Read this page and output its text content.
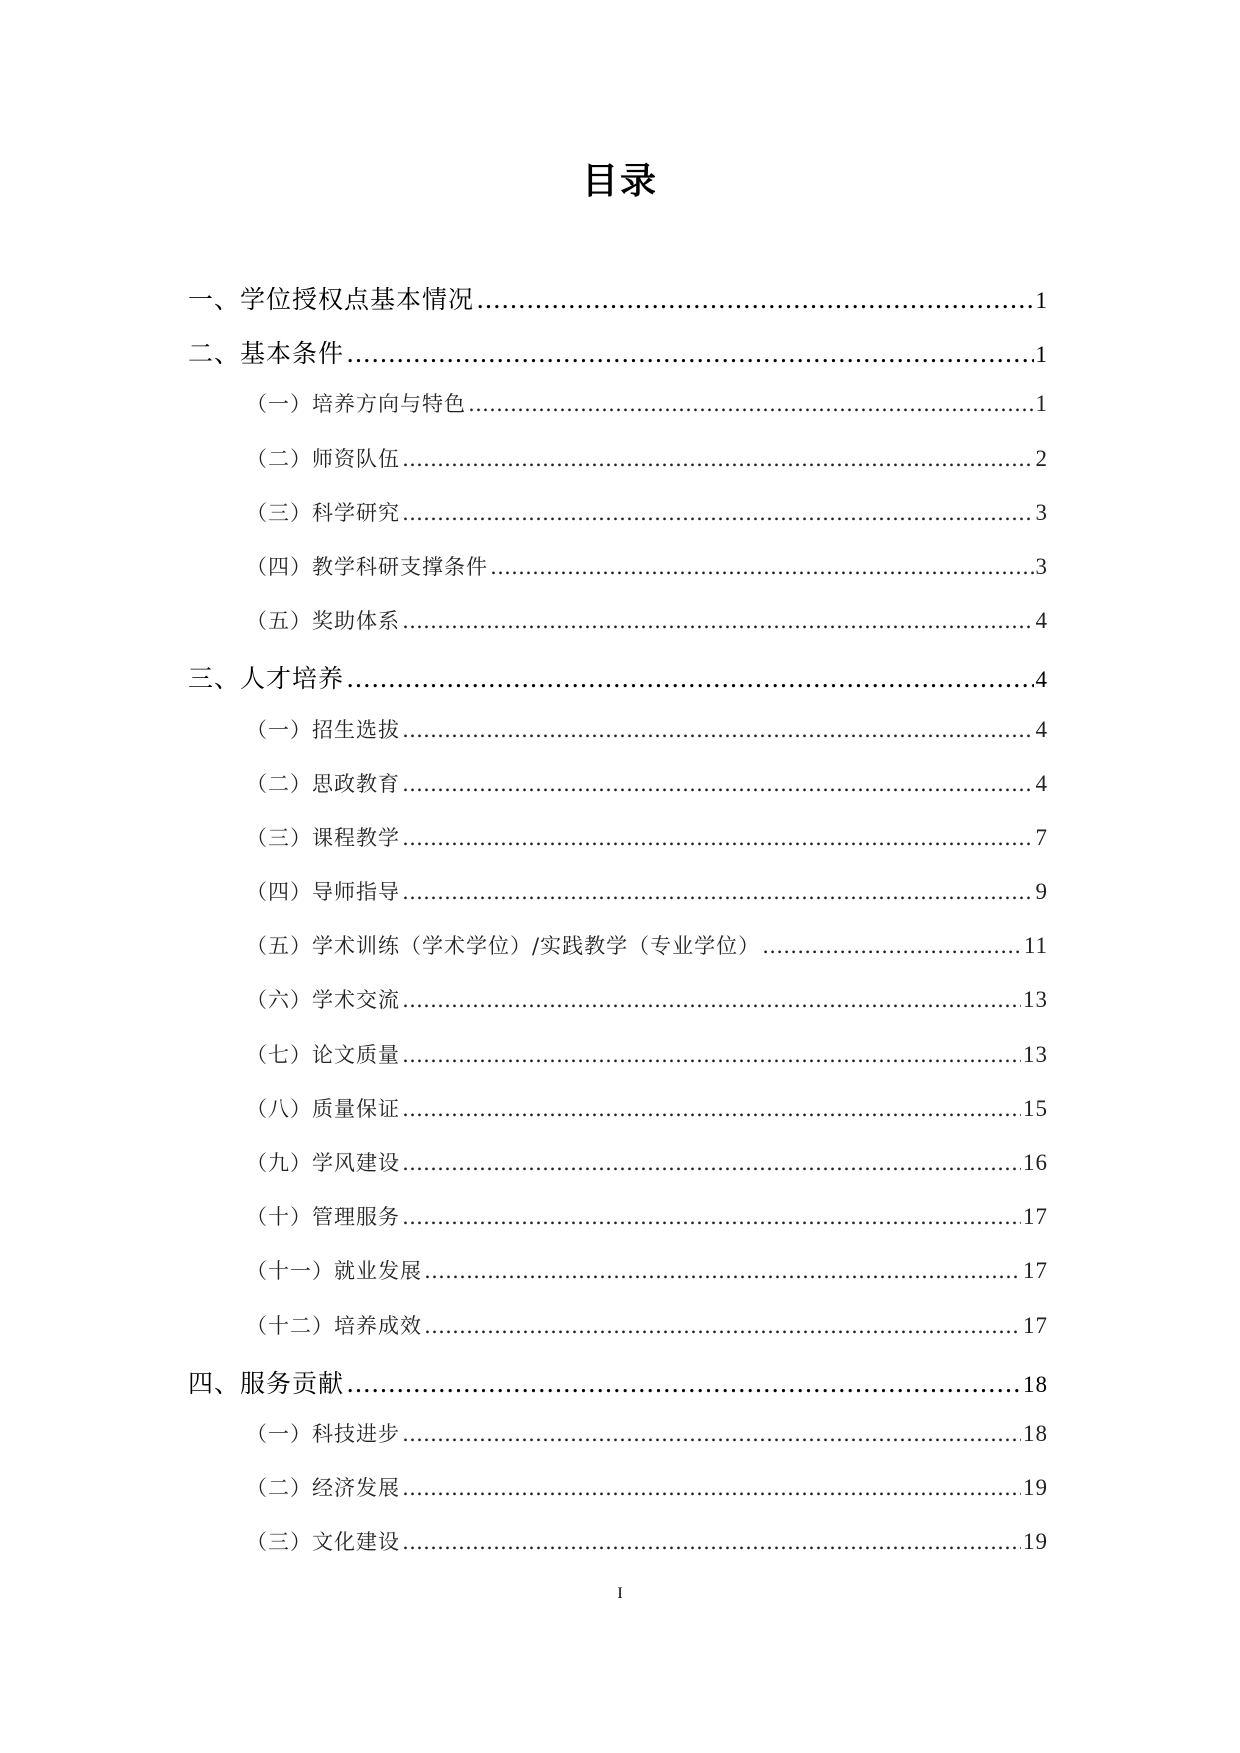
目录
一、学位授权点基本情况 ……………………………………………………………………………………………………………………………	1
二、基本条件 ……………………………………………………………………………………………………………………………	1
（一）培养方向与特色 ……………………………………………………………………………………………………………………………	1
（二）师资队伍 ……………………………………………………………………………………………………………………………	2
（三）科学研究 ……………………………………………………………………………………………………………………………	3
（四）教学科研支撑条件 ……………………………………………………………………………………………………………………………	3
（五）奖助体系 ……………………………………………………………………………………………………………………………	4
三、人才培养 ……………………………………………………………………………………………………………………………	4
（一）招生选拔 ……………………………………………………………………………………………………………………………	4
（二）思政教育 ……………………………………………………………………………………………………………………………	4
（三）课程教学 ……………………………………………………………………………………………………………………………	7
（四）导师指导 ……………………………………………………………………………………………………………………………	9
（五）学术训练（学术学位）/实践教学（专业学位） ……………………………………………………………………………………………………………………………	11
（六）学术交流 ……………………………………………………………………………………………………………………………	13
（七）论文质量 ……………………………………………………………………………………………………………………………	13
（八）质量保证 ……………………………………………………………………………………………………………………………	15
（九）学风建设 ……………………………………………………………………………………………………………………………	16
（十）管理服务 ……………………………………………………………………………………………………………………………	17
（十一）就业发展 ……………………………………………………………………………………………………………………………	17
（十二）培养成效 ……………………………………………………………………………………………………………………………	17
四、服务贡献 ……………………………………………………………………………………………………………………………	18
（一）科技进步 ……………………………………………………………………………………………………………………………	18
（二）经济发展 ……………………………………………………………………………………………………………………………	19
（三）文化建设 ……………………………………………………………………………………………………………………………	19
I
